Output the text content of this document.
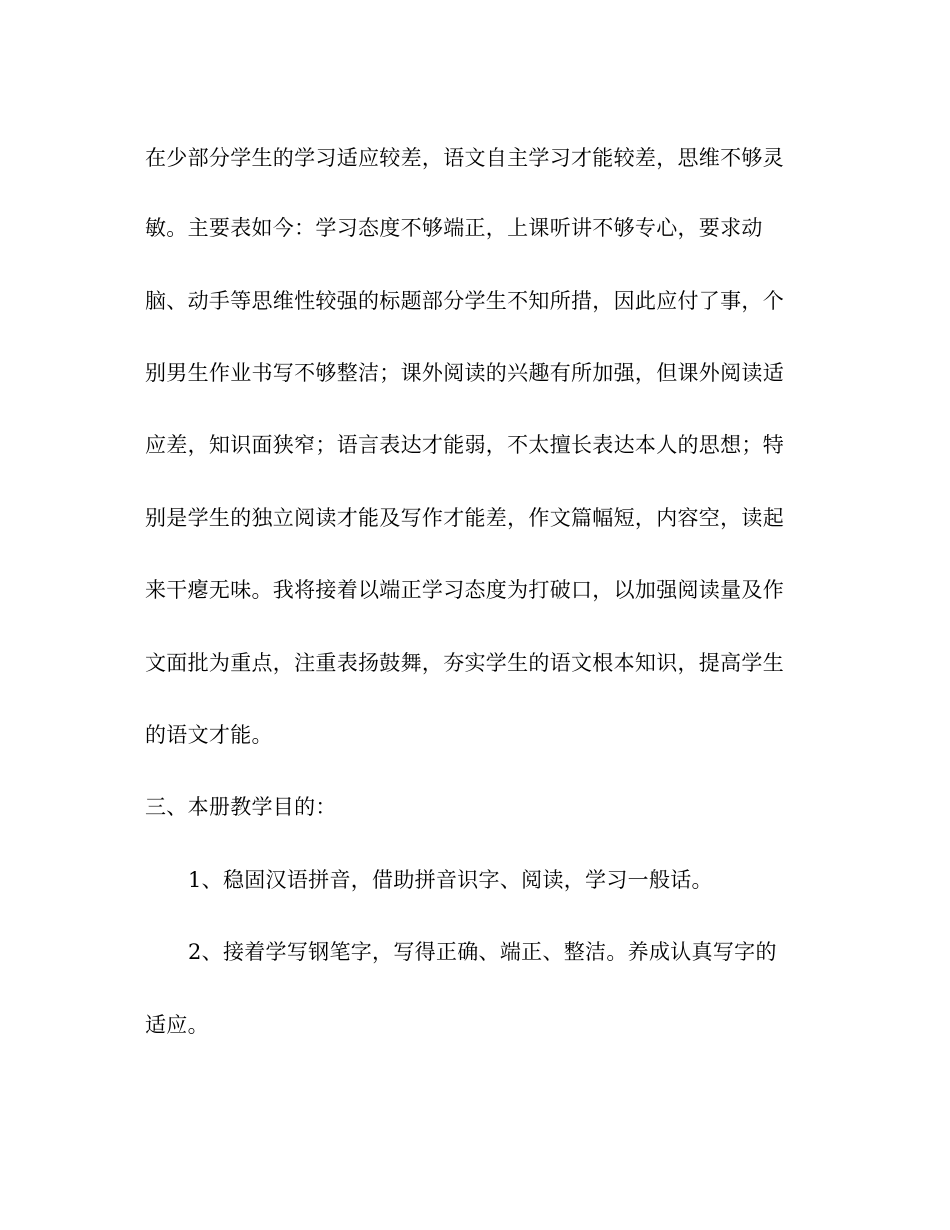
在少部分学生的学习适应较差，语文自主学习才能较差，思维不够灵
敏。主要表如今：学习态度不够端正，上课听讲不够专心，要求动
脑、动手等思维性较强的标题部分学生不知所措，因此应付了事，个
别男生作业书写不够整洁；课外阅读的兴趣有所加强，但课外阅读适
应差，知识面狭窄；语言表达才能弱，不太擅长表达本人的思想；特
别是学生的独立阅读才能及写作才能差，作文篇幅短，内容空，读起
来干瘪无味。我将接着以端正学习态度为打破口，以加强阅读量及作
文面批为重点，注重表扬鼓舞，夯实学生的语文根本知识，提高学生
的语文才能。
三、本册教学目的：
1、稳固汉语拼音，借助拼音识字、阅读，学习一般话。
2、接着学写钢笔字，写得正确、端正、整洁。养成认真写字的
适应。
